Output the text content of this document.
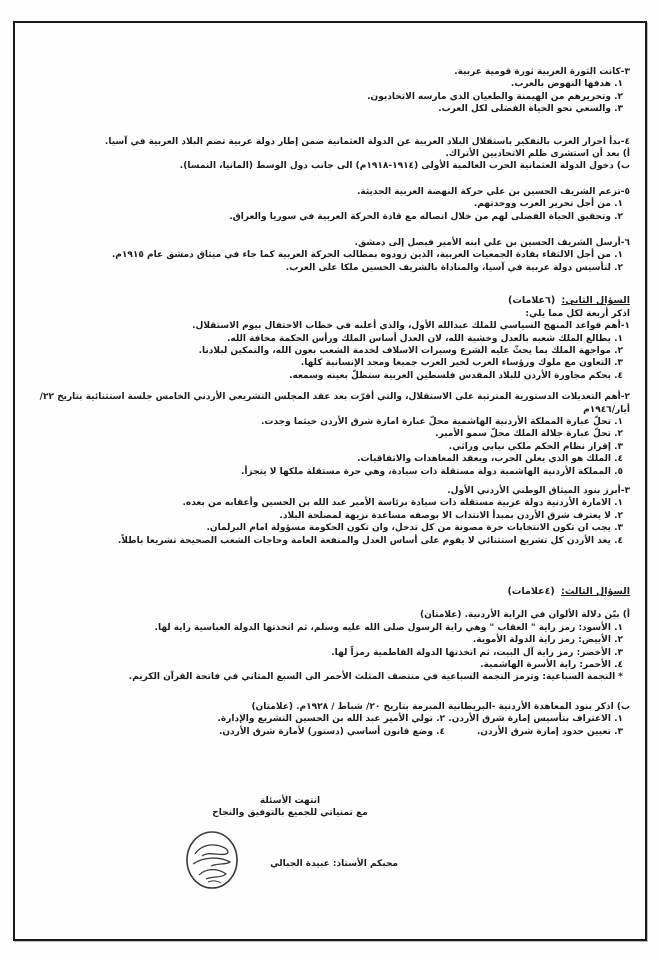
٣-كانت الثورة العربية ثورة قومية عربية.
١. هدفها النهوض بالعرب.
٢. وتحريرهم من الهيمنة والطغيان الذي مارسه الاتحاديون.
٣. والسعي نحو الحياة الفضلى لكل العرب.
٤-بدأ احرار العرب بالتفكير باستقلال البلاد العربية عن الدولة العثمانية ضمن إطار دولة عربية تضم البلاد العربية في آسيا.
أ) بعد أن استشرى ظلم الاتحاديين الأتراك.
ب) دخول الدولة العثمانية الحرب العالمية الأولى (١٩١٤-١٩١٨م) الى جانب دول الوسط (المانيا، النمسا).
٥-تزعم الشريف الحسين بن علي حركة النهضة العربية الحديثة.
١. من أجل تحرير العرب ووحدتهم.
٢. وتحقيق الحياة الفضلى لهم من خلال اتصاله مع قادة الحركة العربية في سوريا والعراق.
٦-أرسل الشريف الحسين بن علي ابنه الأمير فيصل إلى دمشق.
١. من أجل الالتقاء بقادة الجمعيات العربية، الذين زودوه بمطالب الحركة العربية كما جاء في ميثاق دمشق عام ١٩١٥م.
٢. لتأسيس دولة عربية في آسيا، والمناداة بالشريف الحسين ملكا على العرب.
السؤال الثاني: (٦علامات)
اذكر أربعة لكل مما يلي:
١-أهم قواعد المنهج السياسي للملك عبدالله الأول، والذي أعلنه في خطاب الاحتفال بيوم الاستقلال.
١. يطالع الملك شعبه بالعدل وخشية الله، لان العدل أساس الملك ورأس الحكمة مخافة الله.
٢. مواجهة الملك بما يحثّ عليه الشرع وسيرات الاسلاف لخدمة الشعب بعون الله، والتمكين لبلادنا.
٣. التعاون مع ملوك ورؤساء العرب لخير العرب جميعا ومجد الإنسانية كلها.
٤. بحكم مجاورة الأردن للبلاد المقدس فلسطين العربية ستظلّ بعينه وسمعه.
٢-أهم التعديلات الدستورية المترتبة على الاستقلال، والتي أقرّت بعد عقد المجلس التشريعي الأردني الخامس جلسة استثنائية بتاريخ ٢٢/
أيار/١٩٤٦م
١. تحلّ عبارة المملكة الأردنية الهاشمية محلّ عبارة امارة شرق الأردن حيثما وجدت.
٢. تحلّ عبارة جلالة الملك محلّ سمو الأمير.
٣. إقرار نظام الحكم ملكي نيابي وراثي.
٤. الملك هو الذي يعلن الحرب، ويعقد المعاهدات والاتفاقيات.
٥. المملكة الأردنية الهاشمية دولة مستقلة ذات سيادة، وهي حرة مستقلة ملكها لا يتجزأ.
٣-أبرز بنود الميثاق الوطني الأردني الأول.
١. الامارة الأردنية دولة عربية مستقلة ذات سيادة برئاسة الأمير عبد الله بن الحسين وأعقابه من بعده.
٢. لا يعترف شرق الأردن بمبدأ الانتداب الا بوصفه مساعدة نزيهة لمصلحة البلاد.
٣. يجب ان تكون الانتخابات حرة مصونة من كل تدخل، وان تكون الحكومة مسؤولة امام البرلمان.
٤. يعد الأردن كل تشريع استثنائي لا يقوم على أساس العدل والمنفعة العامة وحاجات الشعب الصحيحة تشريعا باطلاً.
السؤال الثالث: (٤علامات)
أ) بيّن دلالة الألوان في الراية الأردنية. (علامتان)
١. الأسود: رمز راية " العقاب " وهي راية الرسول صلى الله عليه وسلم، ثم اتخذتها الدولة العباسية راية لها.
٢. الأبيض: رمز راية الدولة الأموية.
٣. الأخضر: رمز راية آل البيت، ثم اتخذتها الدولة الفاطمية رمزاً لها.
٤. الأحمر: راية الأسرة الهاشمية.
* النجمة السباعية: وترمز النجمة السباعية في منتصف المثلث الأحمر الى السبع المثاني في فاتحة القرآن الكريم.
ب) اذكر بنود المعاهدة الأردنية -البريطانية المبرمة بتاريخ ٢٠/ شباط / ١٩٢٨م. (علامتان)
١. الاعتراف بتأسيس إمارة شرق الأردن.
٢. تولي الأمير عبد الله بن الحسين التشريع والإدارة.
٣. تعيين حدود إمارة شرق الأردن.
٤. وضع قانون أساسي (دستور) لأمارة شرق الأردن.
انتهت الأسئلة
مع تمنياتي للجميع بالتوفيق والنجاح
محبكم الأستاذ: عبيدة الجبالي
